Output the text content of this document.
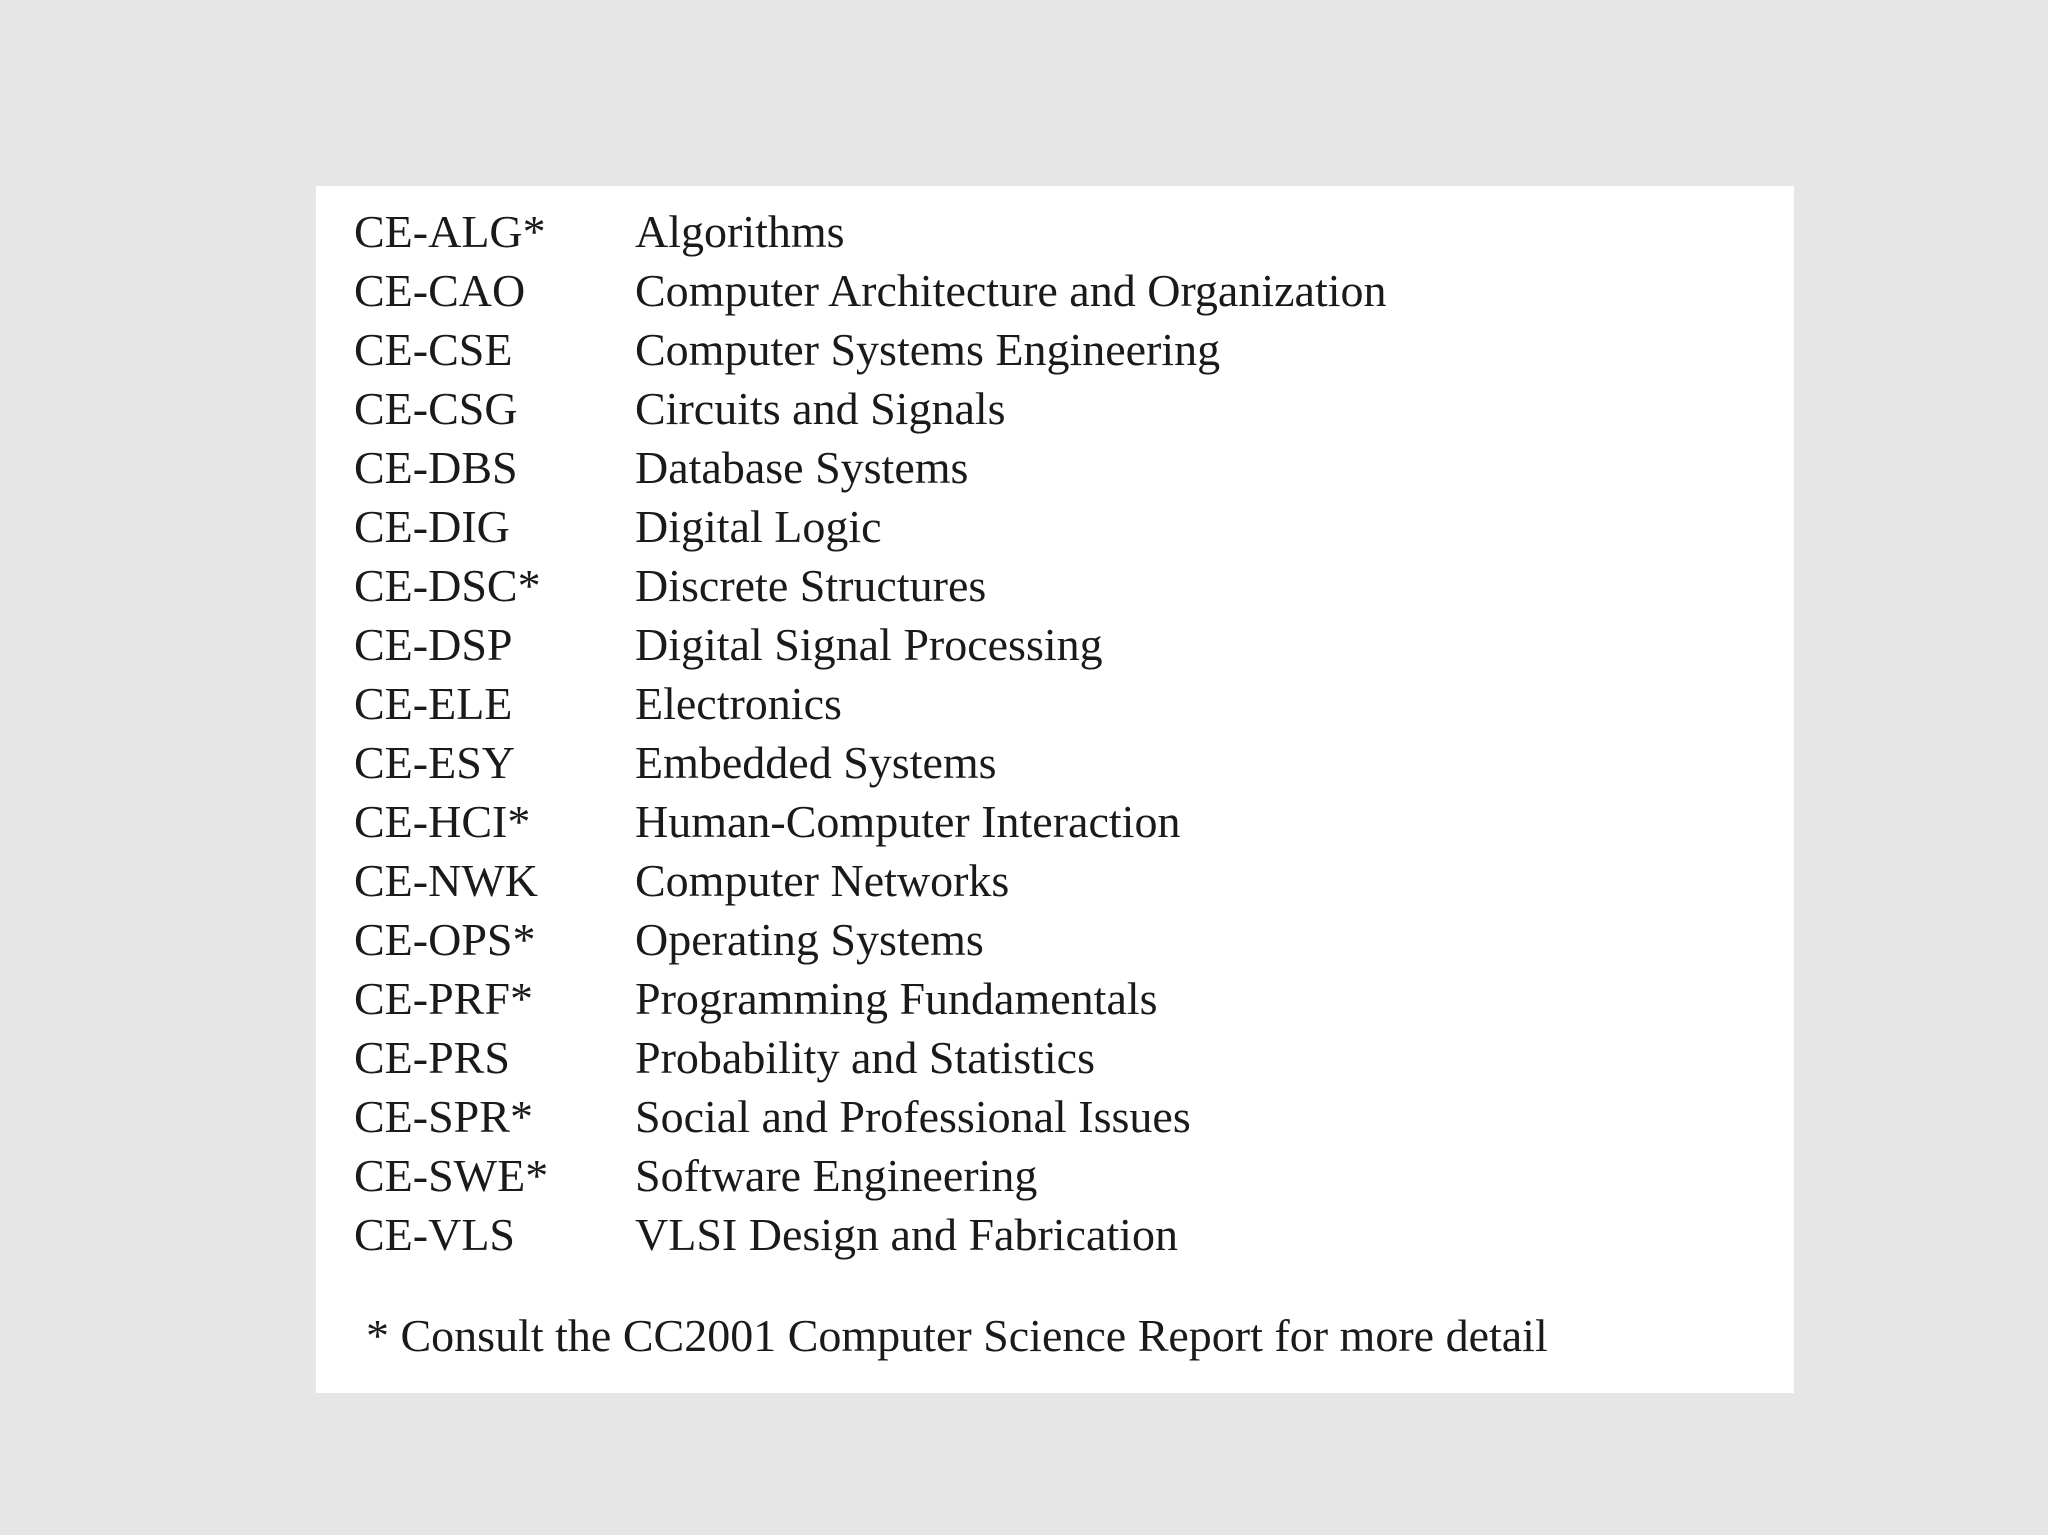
CE-ALG* Algorithms
CE-CAO Computer Architecture and Organization
CE-CSE	Computer Systems Engineering
CE-CSG	Circuits and Signals
CE-DBS	Database Systems
CE-DIG	Digital Logic
CE-DSC* Discrete Structures
CE-DSP	Digital Signal Processing
CE-ELE	Electronics
CE-ESY	Embedded Systems
CE-HCI* Human-Computer Interaction
CE-NWK Computer Networks
CE-OPS* Operating Systems
CE-PRF* Programming Fundamentals
CE-PRS	Probability and Statistics
CE-SPR* Social and Professional Issues
CE-SWE* Software Engineering
CE-VLS	VLSI Design and Fabrication
* Consult the CC2001 Computer Science Report for more detail
